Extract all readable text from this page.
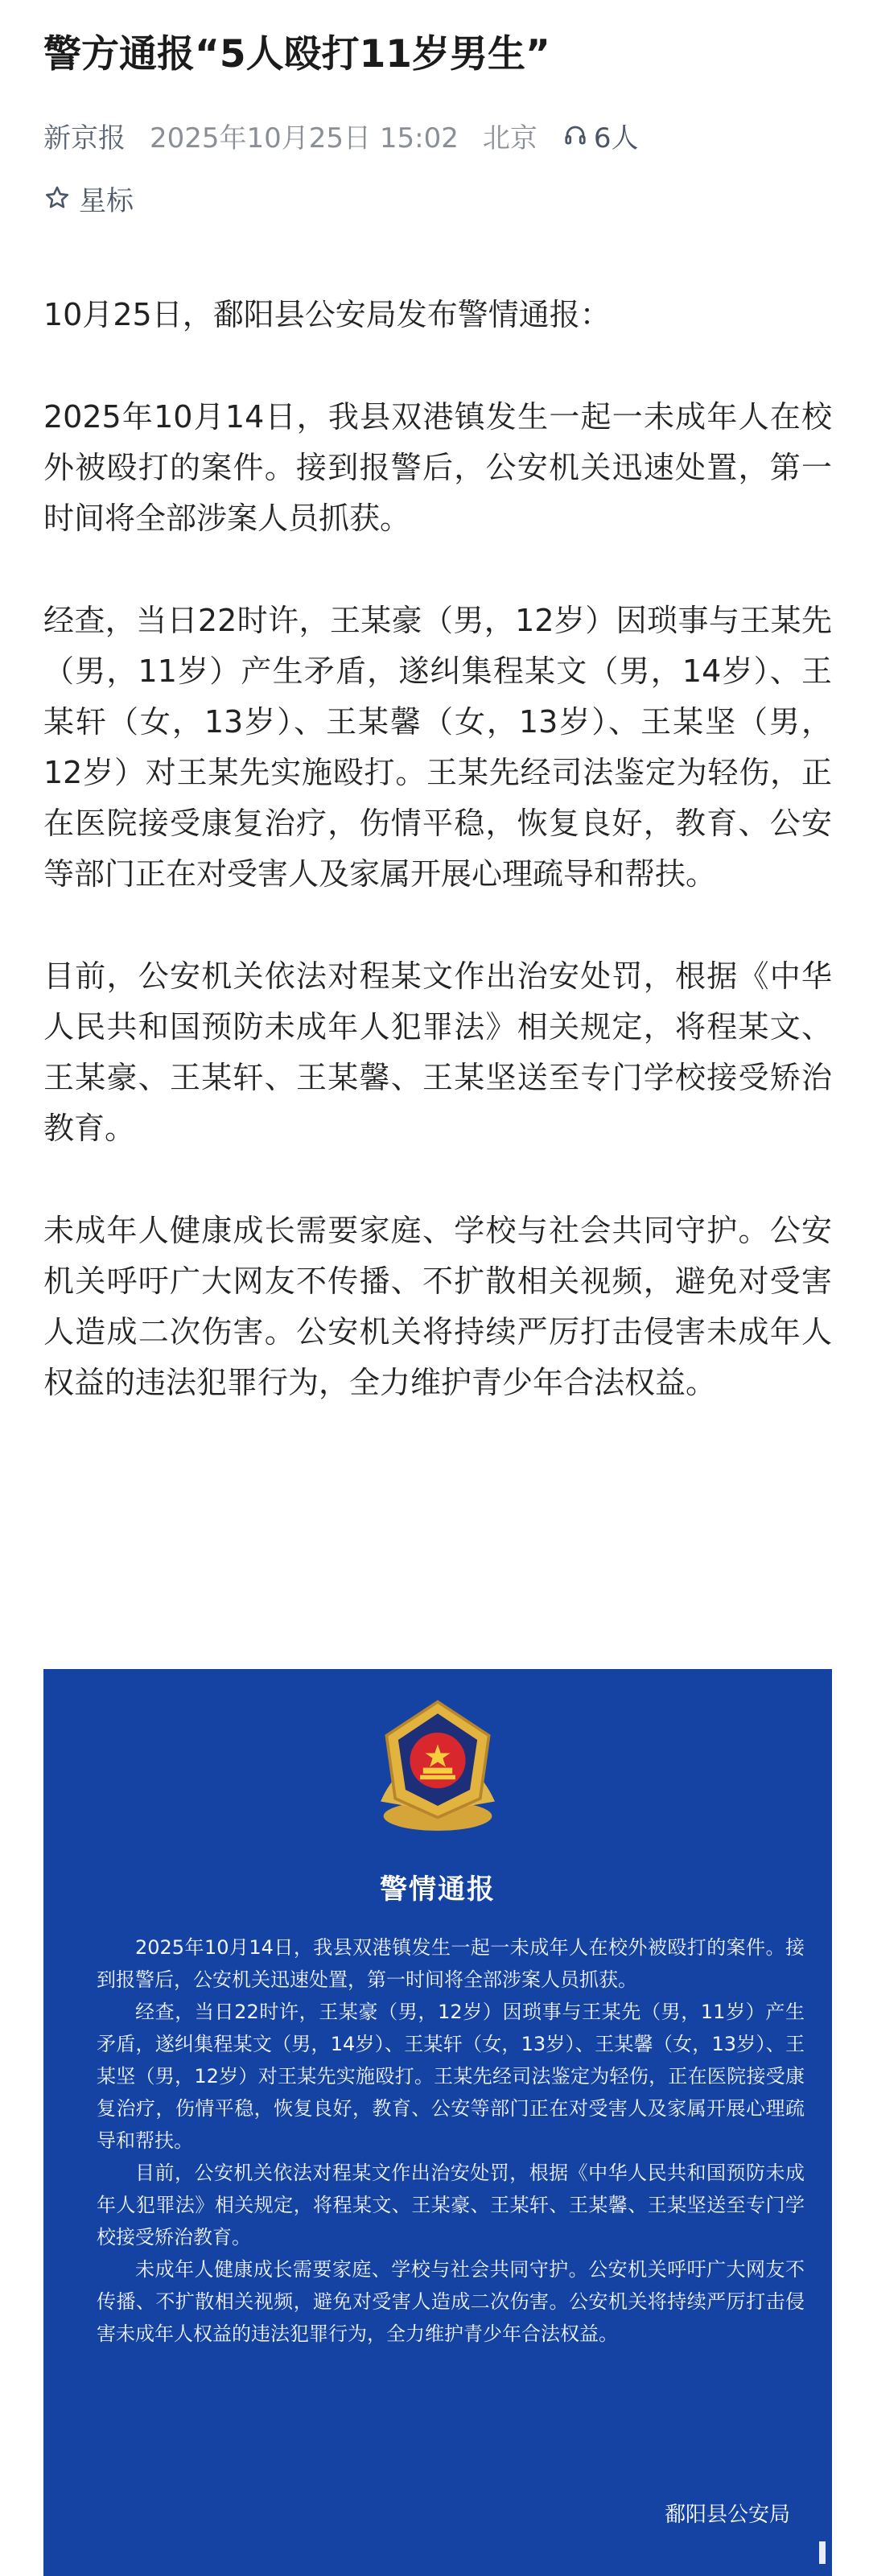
警方通报“5人殴打11岁男生”
新京报 2025年10月25日 15:02 北京 6人
星标

10月25日，鄱阳县公安局发布警情通报：

2025年10月14日，我县双港镇发生一起一未成年人在校外被殴打的案件。接到报警后，公安机关迅速处置，第一时间将全部涉案人员抓获。

经查，当日22时许，王某豪（男，12岁）因琐事与王某先（男，11岁）产生矛盾，遂纠集程某文（男，14岁）、王某轩（女，13岁）、王某馨（女，13岁）、王某坚（男，12岁）对王某先实施殴打。王某先经司法鉴定为轻伤，正在医院接受康复治疗，伤情平稳，恢复良好，教育、公安等部门正在对受害人及家属开展心理疏导和帮扶。

目前，公安机关依法对程某文作出治安处罚，根据《中华人民共和国预防未成年人犯罪法》相关规定，将程某文、王某豪、王某轩、王某馨、王某坚送至专门学校接受矫治教育。

未成年人健康成长需要家庭、学校与社会共同守护。公安机关呼吁广大网友不传播、不扩散相关视频，避免对受害人造成二次伤害。公安机关将持续严厉打击侵害未成年人权益的违法犯罪行为，全力维护青少年合法权益。

警情通报

2025年10月14日，我县双港镇发生一起一未成年人在校外被殴打的案件。接到报警后，公安机关迅速处置，第一时间将全部涉案人员抓获。

经查，当日22时许，王某豪（男，12岁）因琐事与王某先（男，11岁）产生矛盾，遂纠集程某文（男，14岁）、王某轩（女，13岁）、王某馨（女，13岁）、王某坚（男，12岁）对王某先实施殴打。王某先经司法鉴定为轻伤，正在医院接受康复治疗，伤情平稳，恢复良好，教育、公安等部门正在对受害人及家属开展心理疏导和帮扶。

目前，公安机关依法对程某文作出治安处罚，根据《中华人民共和国预防未成年人犯罪法》相关规定，将程某文、王某豪、王某轩、王某馨、王某坚送至专门学校接受矫治教育。

未成年人健康成长需要家庭、学校与社会共同守护。公安机关呼吁广大网友不传播、不扩散相关视频，避免对受害人造成二次伤害。公安机关将持续严厉打击侵害未成年人权益的违法犯罪行为，全力维护青少年合法权益。

鄱阳县公安局
